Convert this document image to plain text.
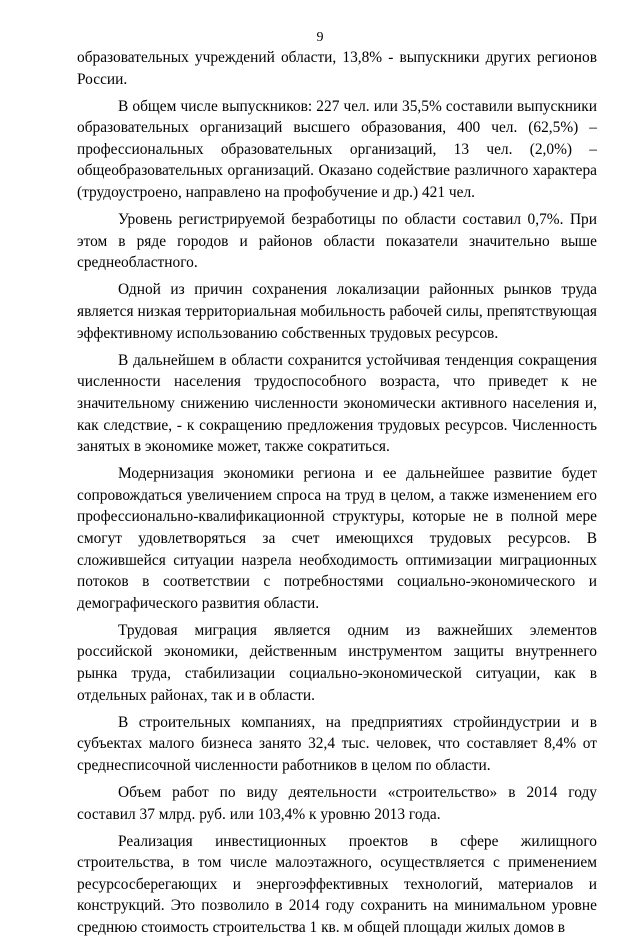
9

образовательных учреждений области, 13,8% - выпускники других регионов России.

В общем числе выпускников: 227 чел. или 35,5% составили выпускники образовательных организаций высшего образования, 400 чел. (62,5%) – профессиональных образовательных организаций, 13 чел. (2,0%) – общеобразовательных организаций. Оказано содействие различного характера (трудоустроено, направлено на профобучение и др.) 421 чел.

Уровень регистрируемой безработицы по области составил 0,7%. При этом в ряде городов и районов области показатели значительно выше среднеобластного.

Одной из причин сохранения локализации районных рынков труда является низкая территориальная мобильность рабочей силы, препятствующая эффективному использованию собственных трудовых ресурсов.

В дальнейшем в области сохранится устойчивая тенденция сокращения численности населения трудоспособного возраста, что приведет к не значительному снижению численности экономически активного населения и, как следствие, - к сокращению предложения трудовых ресурсов. Численность занятых в экономике может, также сократиться.

Модернизация экономики региона и ее дальнейшее развитие будет сопровождаться увеличением спроса на труд в целом, а также изменением его профессионально-квалификационной структуры, которые не в полной мере смогут удовлетворяться за счет имеющихся трудовых ресурсов. В сложившейся ситуации назрела необходимость оптимизации миграционных потоков в соответствии с потребностями социально-экономического и демографического развития области.

Трудовая миграция является одним из важнейших элементов российской экономики, действенным инструментом защиты внутреннего рынка труда, стабилизации социально-экономической ситуации, как в отдельных районах, так и в области.

В строительных компаниях, на предприятиях стройиндустрии и в субъектах малого бизнеса занято 32,4 тыс. человек, что составляет 8,4% от среднесписочной численности работников в целом по области.

Объем работ по виду деятельности «строительство» в 2014 году составил 37 млрд. руб. или 103,4% к уровню 2013 года.

Реализация инвестиционных проектов в сфере жилищного строительства, в том числе малоэтажного, осуществляется с применением ресурсосберегающих и энергоэффективных технологий, материалов и конструкций. Это позволило в 2014 году сохранить на минимальном уровне среднюю стоимость строительства 1 кв. м общей площади жилых домов в
